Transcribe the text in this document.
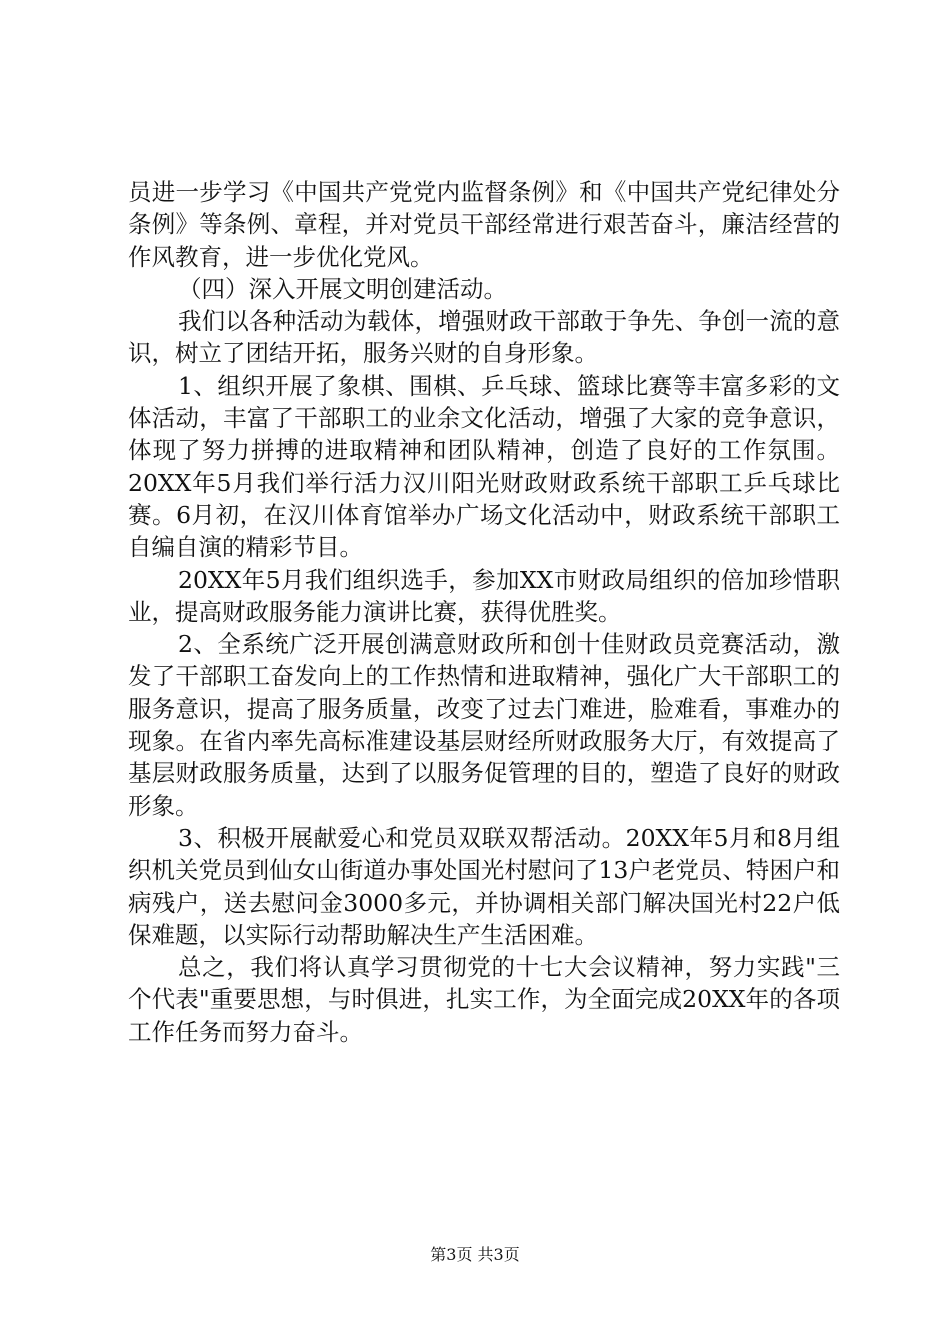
员进一步学习《中国共产党党内监督条例》和《中国共产党纪律处分条例》等条例、章程，并对党员干部经常进行艰苦奋斗，廉洁经营的作风教育，进一步优化党风。

（四）深入开展文明创建活动。

我们以各种活动为载体，增强财政干部敢于争先、争创一流的意识，树立了团结开拓，服务兴财的自身形象。

1、组织开展了象棋、围棋、乒乓球、篮球比赛等丰富多彩的文体活动，丰富了干部职工的业余文化活动，增强了大家的竞争意识，体现了努力拼搏的进取精神和团队精神，创造了良好的工作氛围。20XX年5月我们举行活力汉川阳光财政财政系统干部职工乒乓球比赛。6月初，在汉川体育馆举办广场文化活动中，财政系统干部职工自编自演的精彩节目。

20XX年5月我们组织选手，参加XX市财政局组织的倍加珍惜职业，提高财政服务能力演讲比赛，获得优胜奖。

2、全系统广泛开展创满意财政所和创十佳财政员竞赛活动，激发了干部职工奋发向上的工作热情和进取精神，强化广大干部职工的服务意识，提高了服务质量，改变了过去门难进，脸难看，事难办的现象。在省内率先高标准建设基层财经所财政服务大厅，有效提高了基层财政服务质量，达到了以服务促管理的目的，塑造了良好的财政形象。

3、积极开展献爱心和党员双联双帮活动。20XX年5月和8月组织机关党员到仙女山街道办事处国光村慰问了13户老党员、特困户和病残户，送去慰问金3000多元，并协调相关部门解决国光村22户低保难题，以实际行动帮助解决生产生活困难。

总之，我们将认真学习贯彻党的十七大会议精神，努力实践"三个代表"重要思想，与时俱进，扎实工作，为全面完成20XX年的各项工作任务而努力奋斗。

第3页 共3页
